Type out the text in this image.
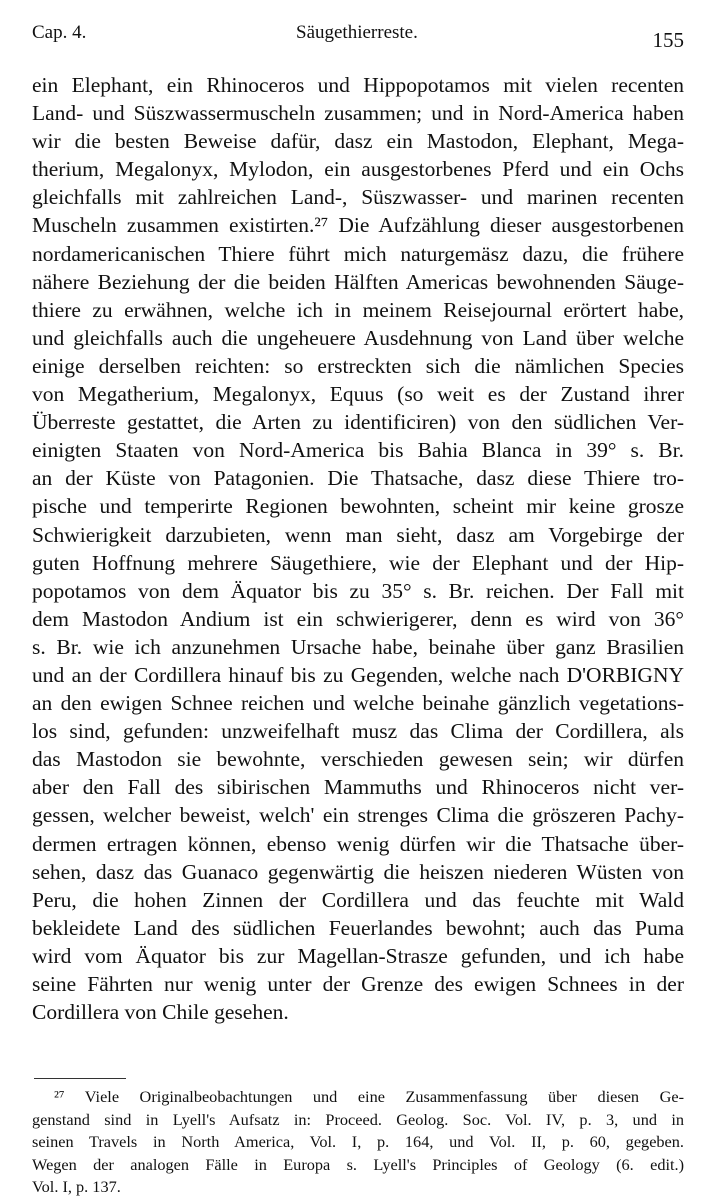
Cap. 4.	Säugethierreste.	155
ein Elephant, ein Rhinoceros und Hippopotamos mit vielen recenten
Land- und Süszwassermuscheln zusammen; und in Nord-America haben
wir die besten Beweise dafür, dasz ein Mastodon, Elephant, Mega-
therium, Megalonyx, Mylodon, ein ausgestorbenes Pferd und ein Ochs
gleichfalls mit zahlreichen Land-, Süszwasser- und marinen recenten
Muscheln zusammen existirten.²⁷ Die Aufzählung dieser ausgestorbenen
nordamericanischen Thiere führt mich naturgemäsz dazu, die frühere
nähere Beziehung der die beiden Hälften Americas bewohnenden Säuge-
thiere zu erwähnen, welche ich in meinem Reisejournal erörtert habe,
und gleichfalls auch die ungeheuere Ausdehnung von Land über welche
einige derselben reichten: so erstreckten sich die nämlichen Species
von Megatherium, Megalonyx, Equus (so weit es der Zustand ihrer
Überreste gestattet, die Arten zu identificiren) von den südlichen Ver-
einigten Staaten von Nord-America bis Bahia Blanca in 39° s. Br.
an der Küste von Patagonien. Die Thatsache, dasz diese Thiere tro-
pische und temperirte Regionen bewohnten, scheint mir keine grosze
Schwierigkeit darzubieten, wenn man sieht, dasz am Vorgebirge der
guten Hoffnung mehrere Säugethiere, wie der Elephant und der Hip-
popotamos von dem Äquator bis zu 35° s. Br. reichen. Der Fall mit
dem Mastodon Andium ist ein schwierigerer, denn es wird von 36°
s. Br. wie ich anzunehmen Ursache habe, beinahe über ganz Brasilien
und an der Cordillera hinauf bis zu Gegenden, welche nach D'ORBIGNY
an den ewigen Schnee reichen und welche beinahe gänzlich vegetations-
los sind, gefunden: unzweifelhaft musz das Clima der Cordillera, als
das Mastodon sie bewohnte, verschieden gewesen sein; wir dürfen
aber den Fall des sibirischen Mammuths und Rhinoceros nicht ver-
gessen, welcher beweist, welch' ein strenges Clima die gröszeren Pachy-
dermen ertragen können, ebenso wenig dürfen wir die Thatsache über-
sehen, dasz das Guanaco gegenwärtig die heiszen niederen Wüsten von
Peru, die hohen Zinnen der Cordillera und das feuchte mit Wald
bekleidete Land des südlichen Feuerlandes bewohnt; auch das Puma
wird vom Äquator bis zur Magellan-Strasze gefunden, und ich habe
seine Fährten nur wenig unter der Grenze des ewigen Schnees in der
Cordillera von Chile gesehen.
²⁷ Viele Originalbeobachtungen und eine Zusammenfassung über diesen Ge-
genstand sind in Lyell's Aufsatz in: Proceed. Geolog. Soc. Vol. IV, p. 3, und in
seinen Travels in North America, Vol. I, p. 164, und Vol. II, p. 60, gegeben.
Wegen der analogen Fälle in Europa s. Lyell's Principles of Geology (6. edit.)
Vol. I, p. 137.
